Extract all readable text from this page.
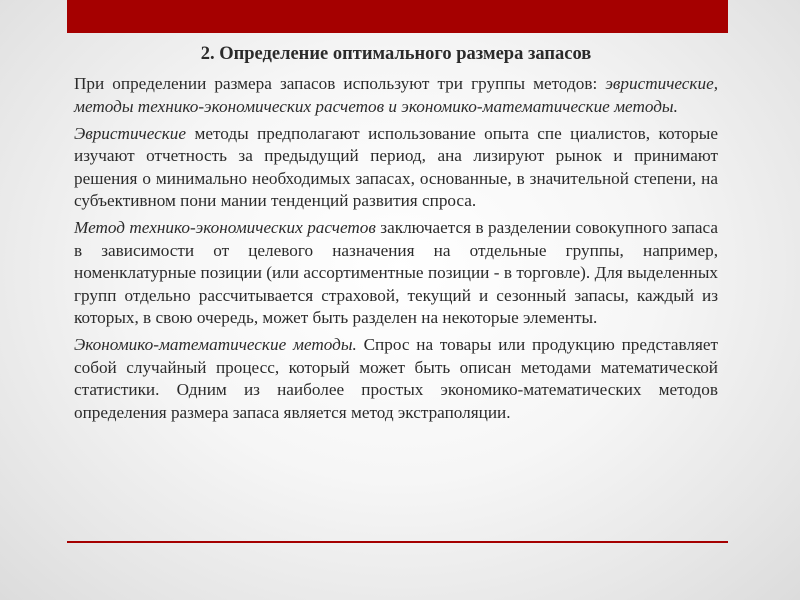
2. Определение оптимального размера запасов

При определении размера запасов используют три группы методов: эвристические, методы технико-экономических расчетов и экономико-математические методы.

Эвристические методы предполагают использование опыта спе циалистов, которые изучают отчетность за предыдущий период, ана лизируют рынок и принимают решения о минимально необходимых запасах, основанные, в значительной степени, на субъективном пони мании тенденций развития спроса.

Метод технико-экономических расчетов заключается в разделении совокупного запаса в зависимости от целевого назначения на отдельные группы, например, номенклатурные позиции (или ассортиментные позиции - в торговле). Для выделенных групп отдельно рассчитывается страховой, текущий и сезонный запасы, каждый из которых, в свою очередь, может быть разделен на некоторые элементы.

Экономико-математические методы. Спрос на товары или продукцию представляет собой случайный процесс, который может быть описан методами математической статистики. Одним из наиболее простых экономико-математических методов определения размера запаса является метод экстраполяции.
